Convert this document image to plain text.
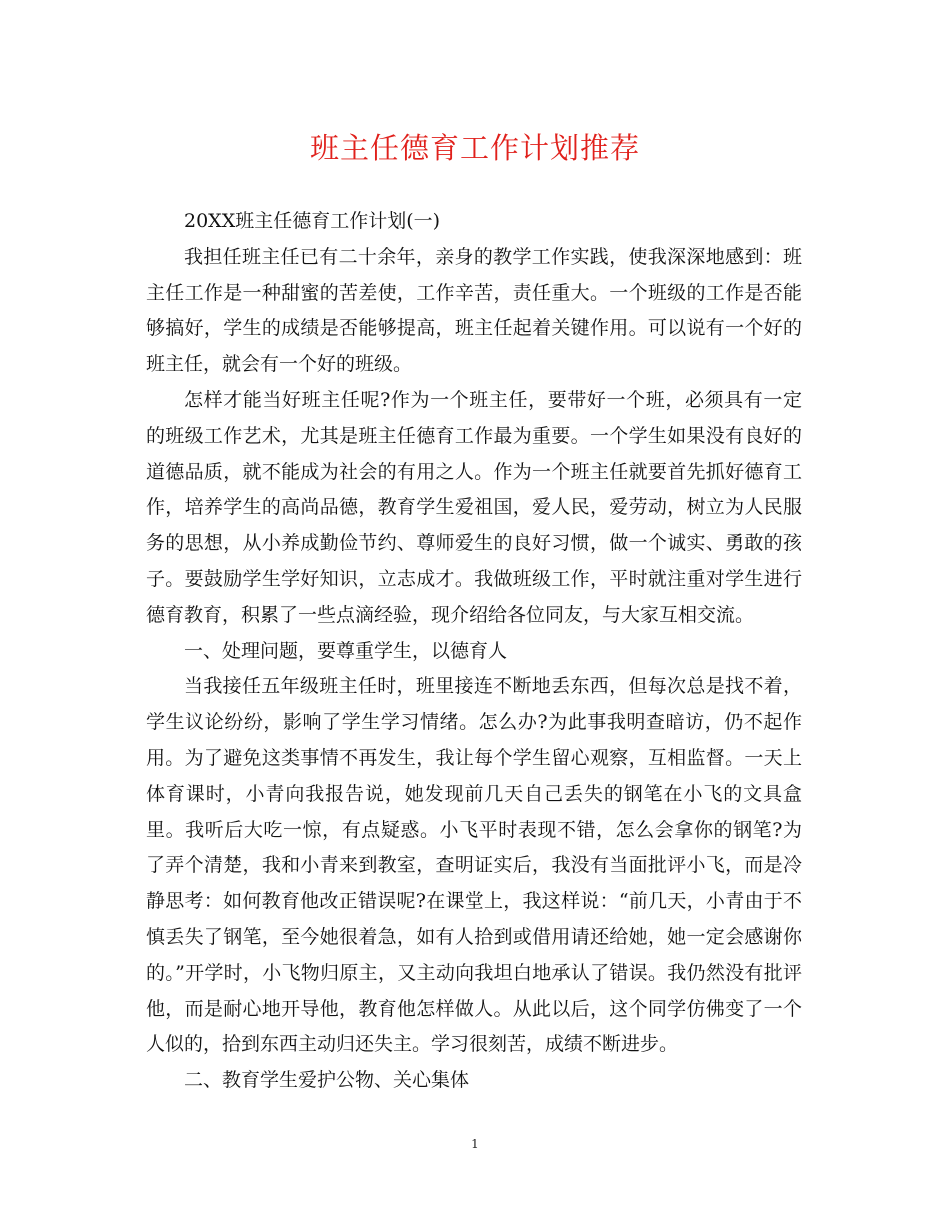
班主任德育工作计划推荐

20XX班主任德育工作计划(一)

我担任班主任已有二十余年，亲身的教学工作实践，使我深深地感到：班主任工作是一种甜蜜的苦差使，工作辛苦，责任重大。一个班级的工作是否能够搞好，学生的成绩是否能够提高，班主任起着关键作用。可以说有一个好的班主任，就会有一个好的班级。

怎样才能当好班主任呢?作为一个班主任，要带好一个班，必须具有一定的班级工作艺术，尤其是班主任德育工作最为重要。一个学生如果没有良好的道德品质，就不能成为社会的有用之人。作为一个班主任就要首先抓好德育工作，培养学生的高尚品德，教育学生爱祖国，爱人民，爱劳动，树立为人民服务的思想，从小养成勤俭节约、尊师爱生的良好习惯，做一个诚实、勇敢的孩子。要鼓励学生学好知识，立志成才。我做班级工作，平时就注重对学生进行德育教育，积累了一些点滴经验，现介绍给各位同友，与大家互相交流。

一、处理问题，要尊重学生，以德育人

当我接任五年级班主任时，班里接连不断地丢东西，但每次总是找不着，学生议论纷纷，影响了学生学习情绪。怎么办?为此事我明查暗访，仍不起作用。为了避免这类事情不再发生，我让每个学生留心观察，互相监督。一天上体育课时，小青向我报告说，她发现前几天自己丢失的钢笔在小飞的文具盒里。我听后大吃一惊，有点疑惑。小飞平时表现不错，怎么会拿你的钢笔?为了弄个清楚，我和小青来到教室，查明证实后，我没有当面批评小飞，而是冷静思考：如何教育他改正错误呢?在课堂上，我这样说：“前几天，小青由于不慎丢失了钢笔，至今她很着急，如有人拾到或借用请还给她，她一定会感谢你的。”开学时，小飞物归原主，又主动向我坦白地承认了错误。我仍然没有批评他，而是耐心地开导他，教育他怎样做人。从此以后，这个同学仿佛变了一个人似的，拾到东西主动归还失主。学习很刻苦，成绩不断进步。

二、教育学生爱护公物、关心集体

1
